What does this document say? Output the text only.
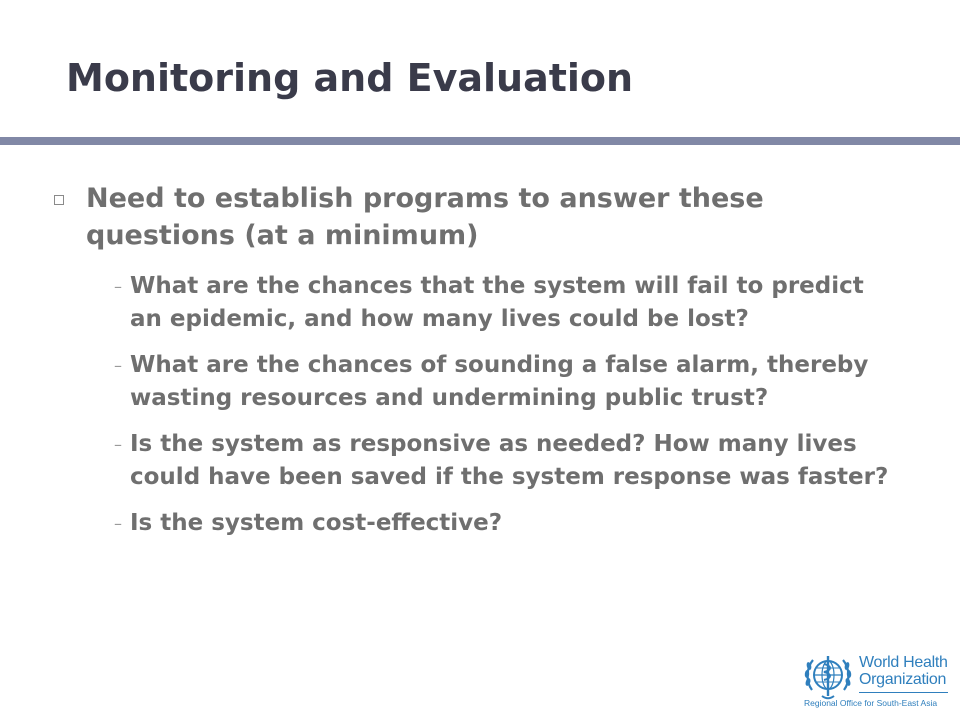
Monitoring and Evaluation
Need to establish programs to answer these questions (at a minimum)
– What are the chances that the system will fail to predict an epidemic, and how many lives could be lost?
– What are the chances of sounding a false alarm, thereby wasting resources and undermining public trust?
– Is the system as responsive as needed? How many lives could have been saved if the system response was faster?
– Is the system cost-effective?
World Health
Organization
Regional Office for South-East Asia
